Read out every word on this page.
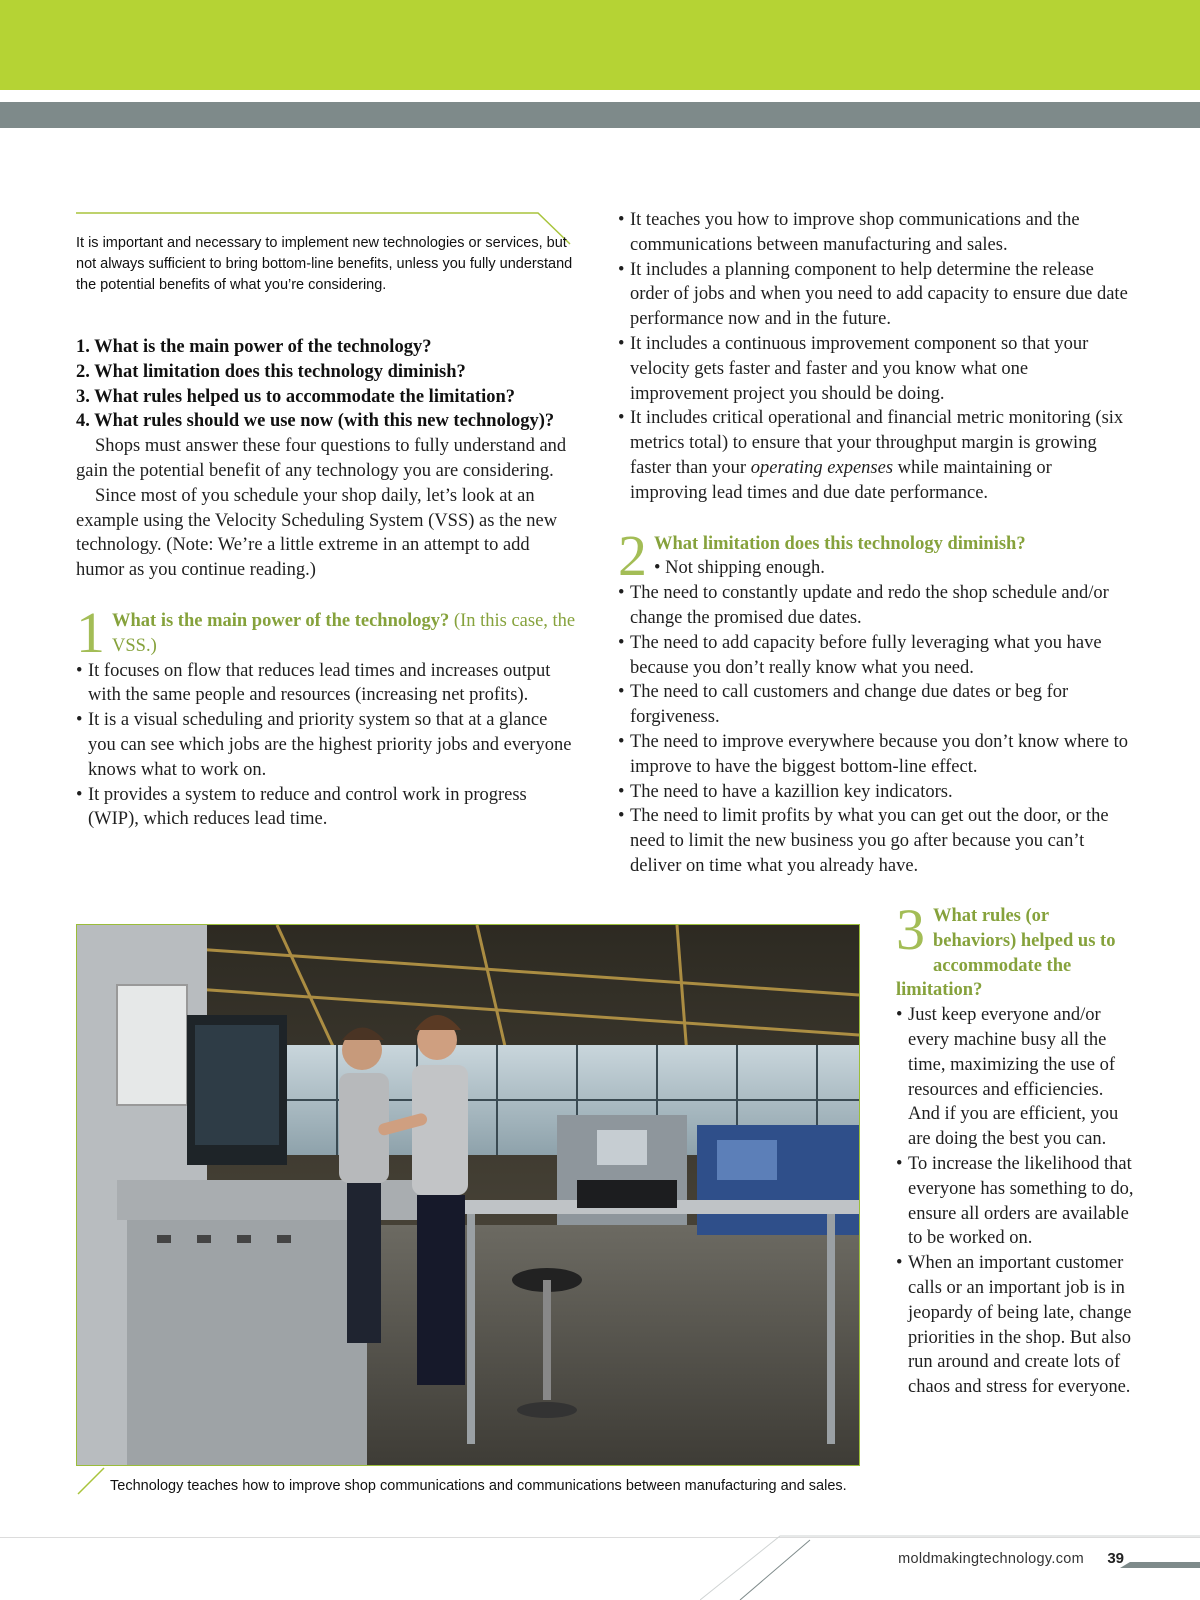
It is important and necessary to implement new technologies or services, but not always sufficient to bring bottom-line benefits, unless you fully understand the potential benefits of what you’re considering.

1. What is the main power of the technology?

2. What limitation does this technology diminish?

3. What rules helped us to accommodate the limitation?

4. What rules should we use now (with this new technology)?

Shops must answer these four questions to fully understand and gain the potential benefit of any technology you are considering.

Since most of you schedule your shop daily, let’s look at an example using the Velocity Scheduling System (VSS) as the new technology. (Note: We’re a little extreme in an attempt to add humor as you continue reading.)

1 What is the main power of the technology? (In this case, the VSS.)
• It focuses on flow that reduces lead times and increases output with the same people and resources (increasing net profits).
• It is a visual scheduling and priority system so that at a glance you can see which jobs are the highest priority jobs and everyone knows what to work on.
• It provides a system to reduce and control work in progress (WIP), which reduces lead time.
• It teaches you how to improve shop communications and the communications between manufacturing and sales.
• It includes a planning component to help determine the release order of jobs and when you need to add capacity to ensure due date performance now and in the future.
• It includes a continuous improvement component so that your velocity gets faster and faster and you know what one improvement project you should be doing.
• It includes critical operational and financial metric monitoring (six metrics total) to ensure that your throughput margin is growing faster than your operating expenses while maintaining or improving lead times and due date performance.
2 What limitation does this technology diminish?
• Not shipping enough.
• The need to constantly update and redo the shop schedule and/or change the promised due dates.
• The need to add capacity before fully leveraging what you have because you don’t really know what you need.
• The need to call customers and change due dates or beg for forgiveness.
• The need to improve everywhere because you don’t know where to improve to have the biggest bottom-line effect.
• The need to have a kazillion key indicators.
• The need to limit profits by what you can get out the door, or the need to limit the new business you go after because you can’t deliver on time what you already have.
Technology teaches how to improve shop communications and communications between manufacturing and sales.
3 What rules (or behaviors) helped us to accommodate the limitation?
• Just keep everyone and/or every machine busy all the time, maximizing the use of resources and efficiencies. And if you are efficient, you are doing the best you can.
• To increase the likelihood that everyone has something to do, ensure all orders are available to be worked on.
• When an important customer calls or an important job is in jeopardy of being late, change priorities in the shop. But also run around and create lots of chaos and stress for everyone.
moldmakingtechnology.com 39
